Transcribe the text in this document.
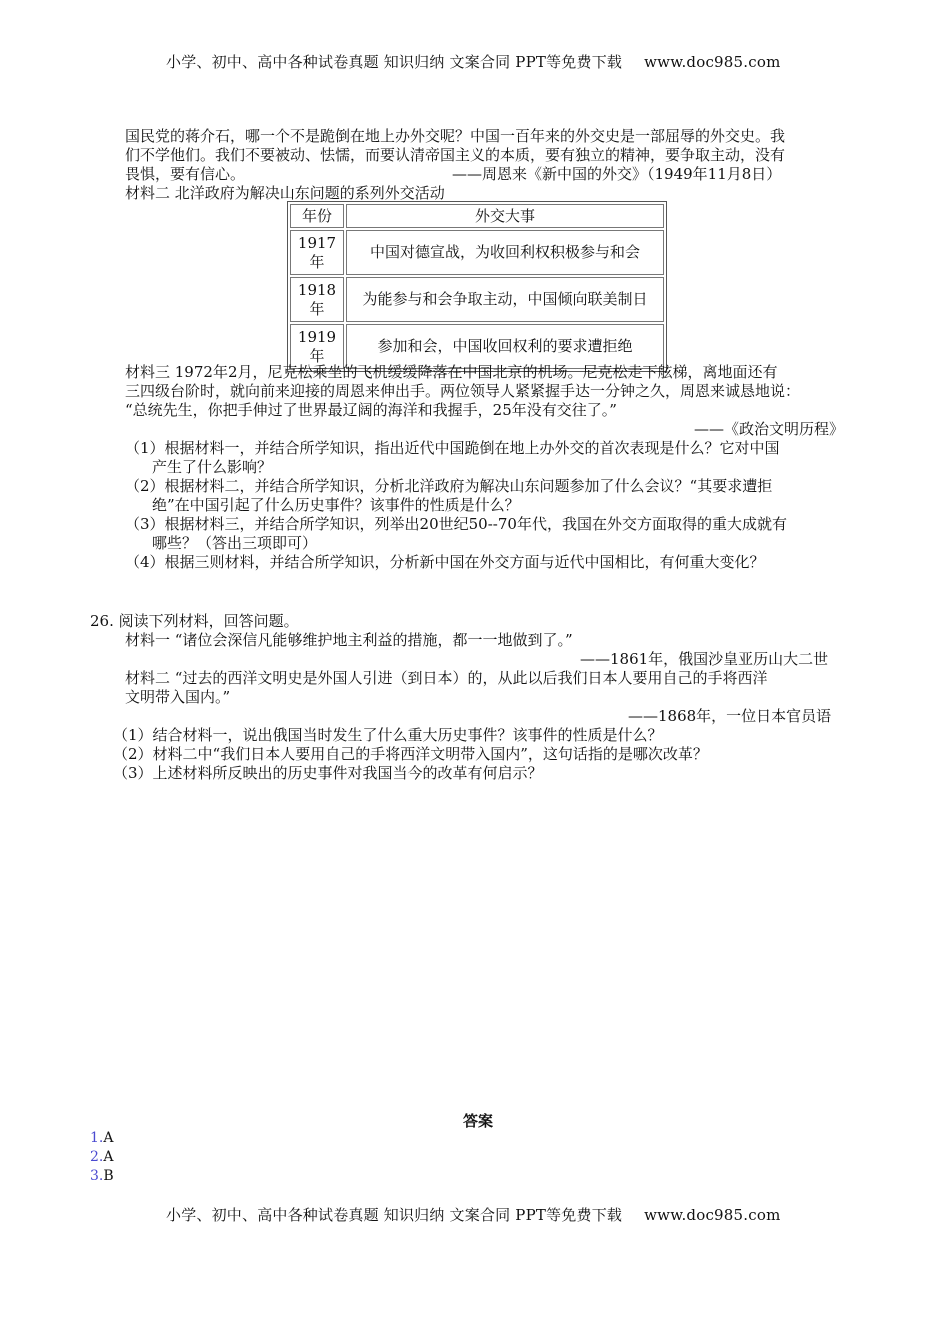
小学、初中、高中各种试卷真题 知识归纳 文案合同 PPT等免费下载 www.doc985.com
国民党的蒋介石，哪一个不是跪倒在地上办外交呢？中国一百年来的外交史是一部屈辱的外交史。我
们不学他们。我们不要被动、怯懦，而要认清帝国主义的本质，要有独立的精神，要争取主动，没有
畏惧，要有信心。	——周恩来《新中国的外交》（1949年11月8日）
材料二 北洋政府为解决山东问题的系列外交活动
年份	外交大事

1917
年	中国对德宣战，为收回利权积极参与和会

1918
年	为能参与和会争取主动，中国倾向联美制日

1919
年	参加和会，中国收回权利的要求遭拒绝
材料三 1972年2月，尼克松乘坐的飞机缓缓降落在中国北京的机场。尼克松走下舷梯，离地面还有
三四级台阶时，就向前来迎接的周恩来伸出手。两位领导人紧紧握手达一分钟之久，周恩来诚恳地说：
“总统先生，你把手伸过了世界最辽阔的海洋和我握手，25年没有交往了。”
——《政治文明历程》
（1）根据材料一，并结合所学知识，指出近代中国跪倒在地上办外交的首次表现是什么？它对中国
产生了什么影响？
（2）根据材料二，并结合所学知识，分析北洋政府为解决山东问题参加了什么会议？“其要求遭拒
绝”在中国引起了什么历史事件？该事件的性质是什么？
（3）根据材料三，并结合所学知识，列举出20世纪50--70年代，我国在外交方面取得的重大成就有
哪些？（答出三项即可）
（4）根据三则材料，并结合所学知识，分析新中国在外交方面与近代中国相比，有何重大变化？
26. 阅读下列材料，回答问题。
材料一 “诸位会深信凡能够维护地主利益的措施，都一一地做到了。”
——1861年，俄国沙皇亚历山大二世
材料二 “过去的西洋文明史是外国人引进（到日本）的，从此以后我们日本人要用自己的手将西洋
文明带入国内。”
——1868年，一位日本官员语
（1）结合材料一，说出俄国当时发生了什么重大历史事件？该事件的性质是什么？
（2）材料二中“我们日本人要用自己的手将西洋文明带入国内”，这句话指的是哪次改革？
（3）上述材料所反映出的历史事件对我国当今的改革有何启示？
答案
1.A
2.A
3.B
小学、初中、高中各种试卷真题 知识归纳 文案合同 PPT等免费下载 www.doc985.com
